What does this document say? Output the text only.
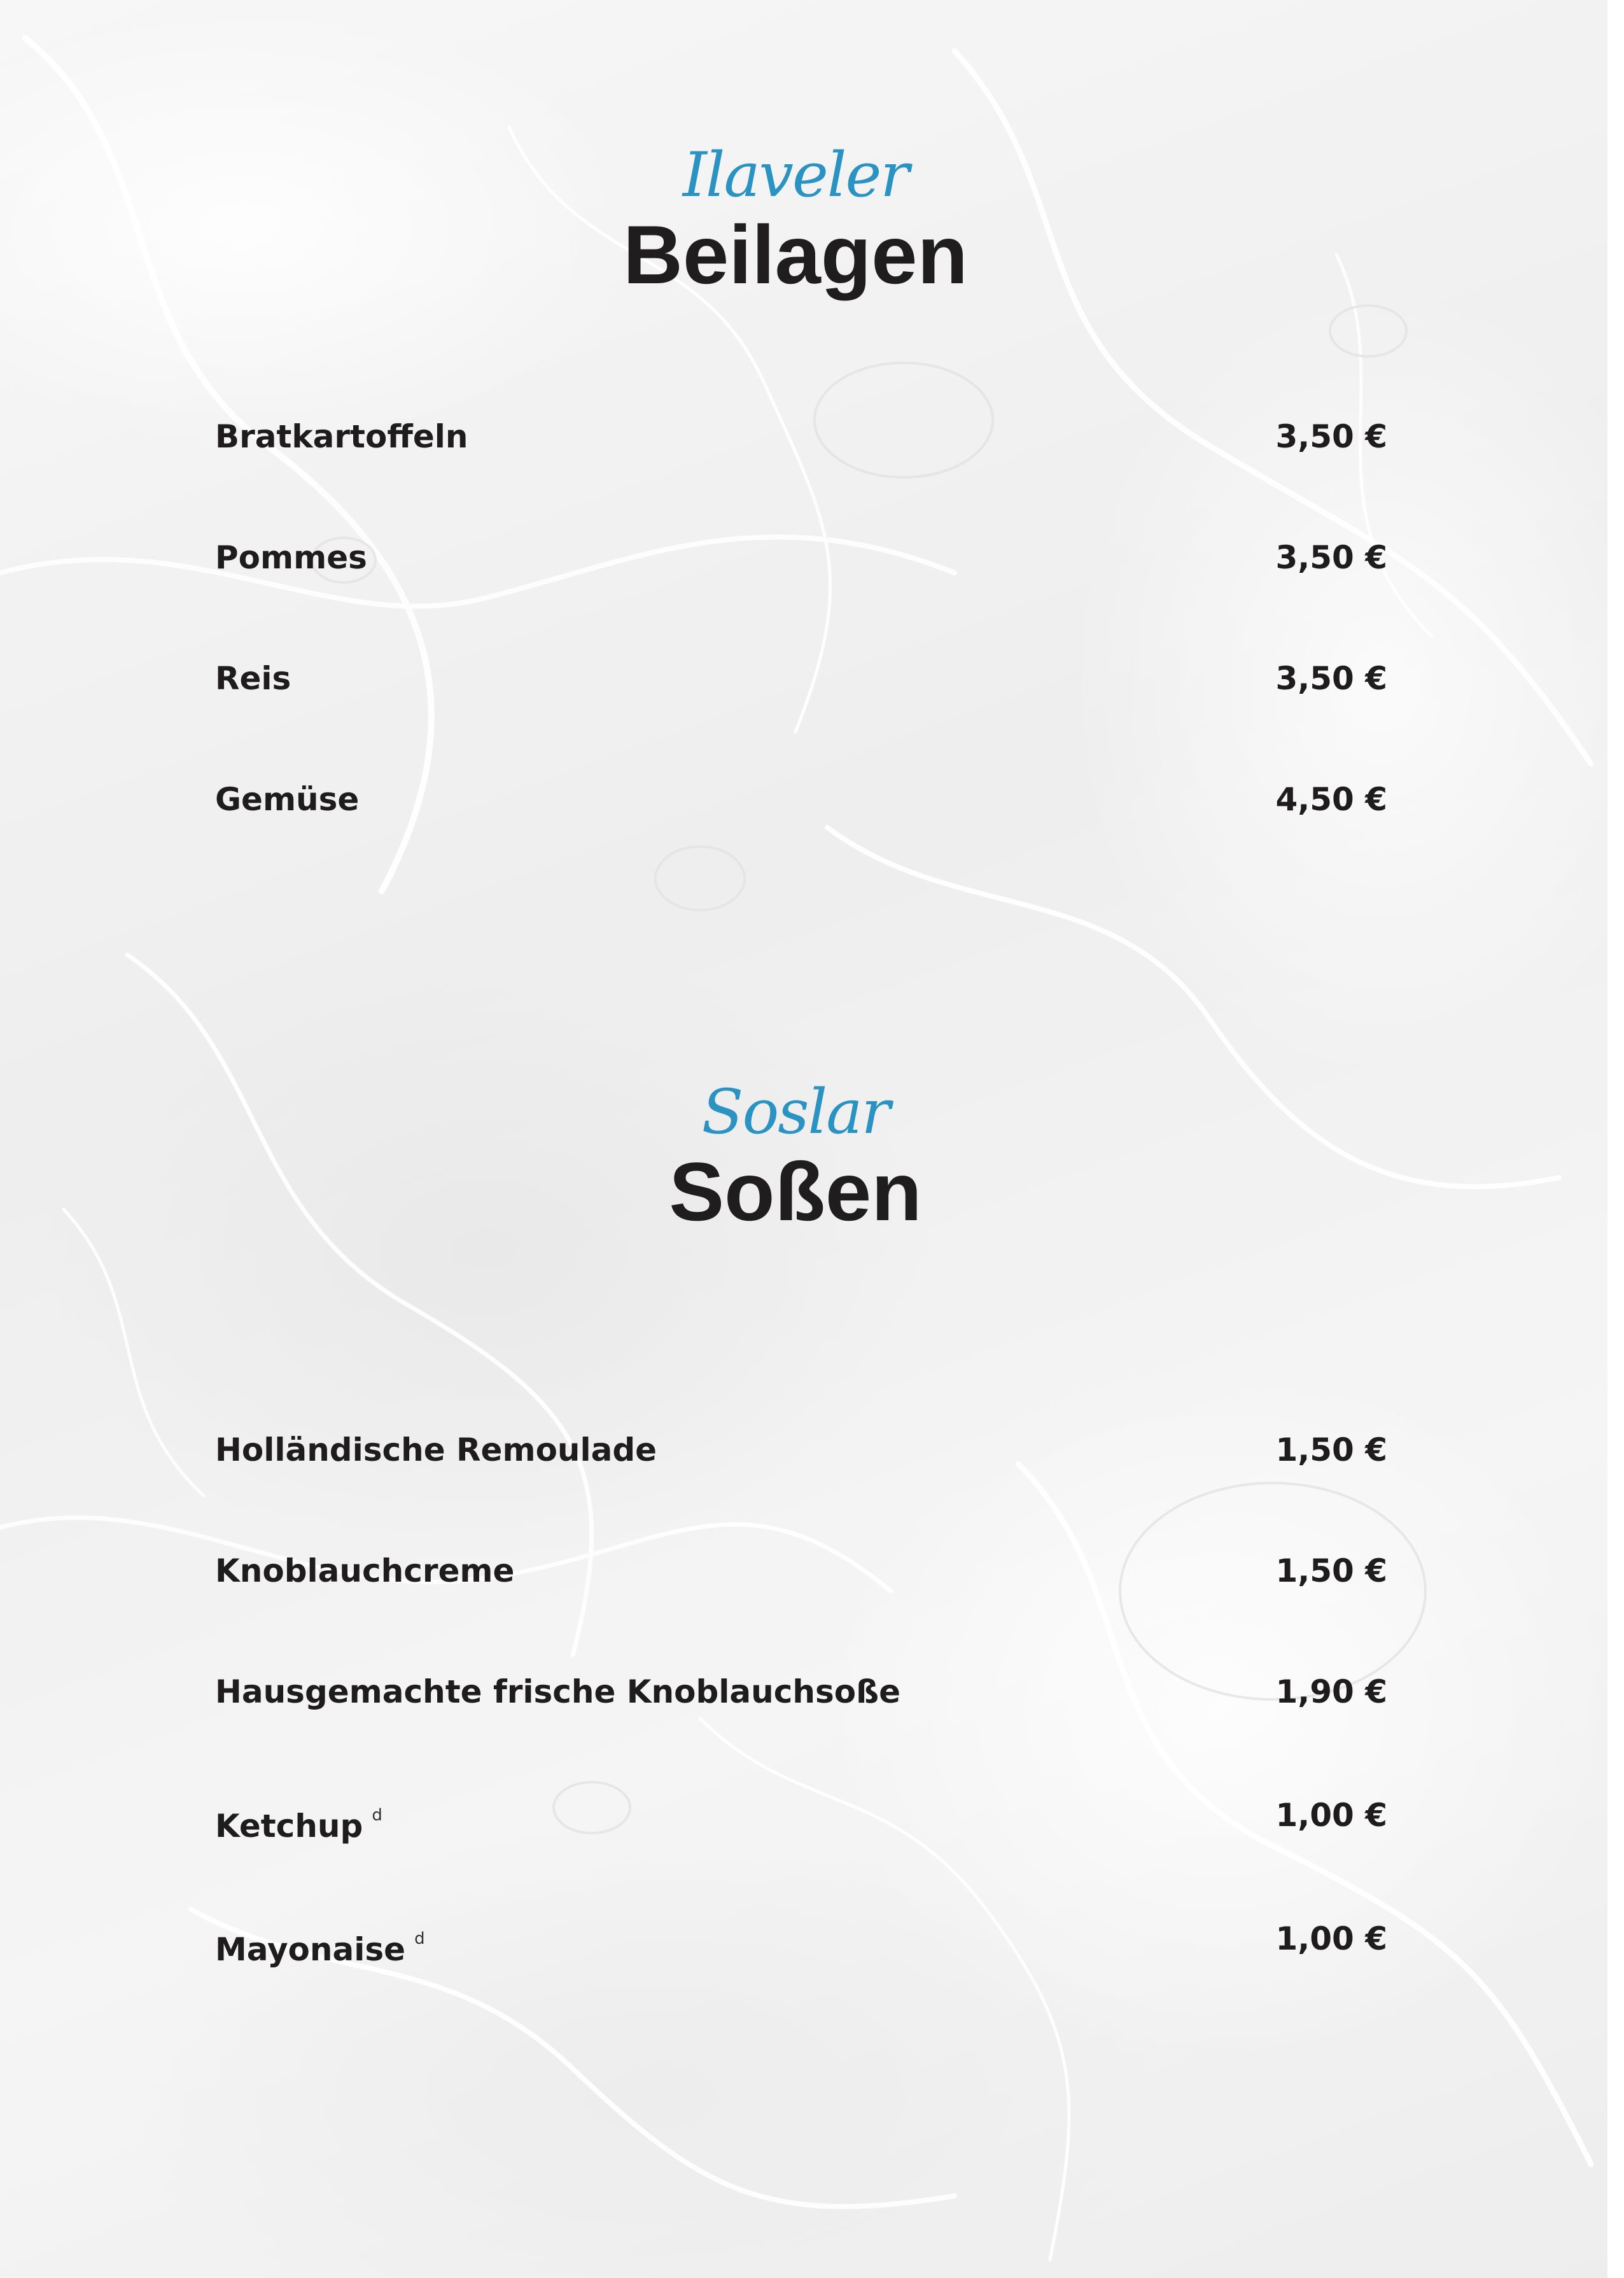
Ilaveler
Beilagen
Bratkartoffeln	3,50 €
Pommes	3,50 €
Reis	3,50 €
Gemüse	4,50 €
Soslar
Soßen
Holländische Remoulade	1,50 €
Knoblauchcreme	1,50 €
Hausgemachte frische Knoblauchsoße	1,90 €
Ketchup $^d$	1,00 €
Mayonaise $^d$	1,00 €
